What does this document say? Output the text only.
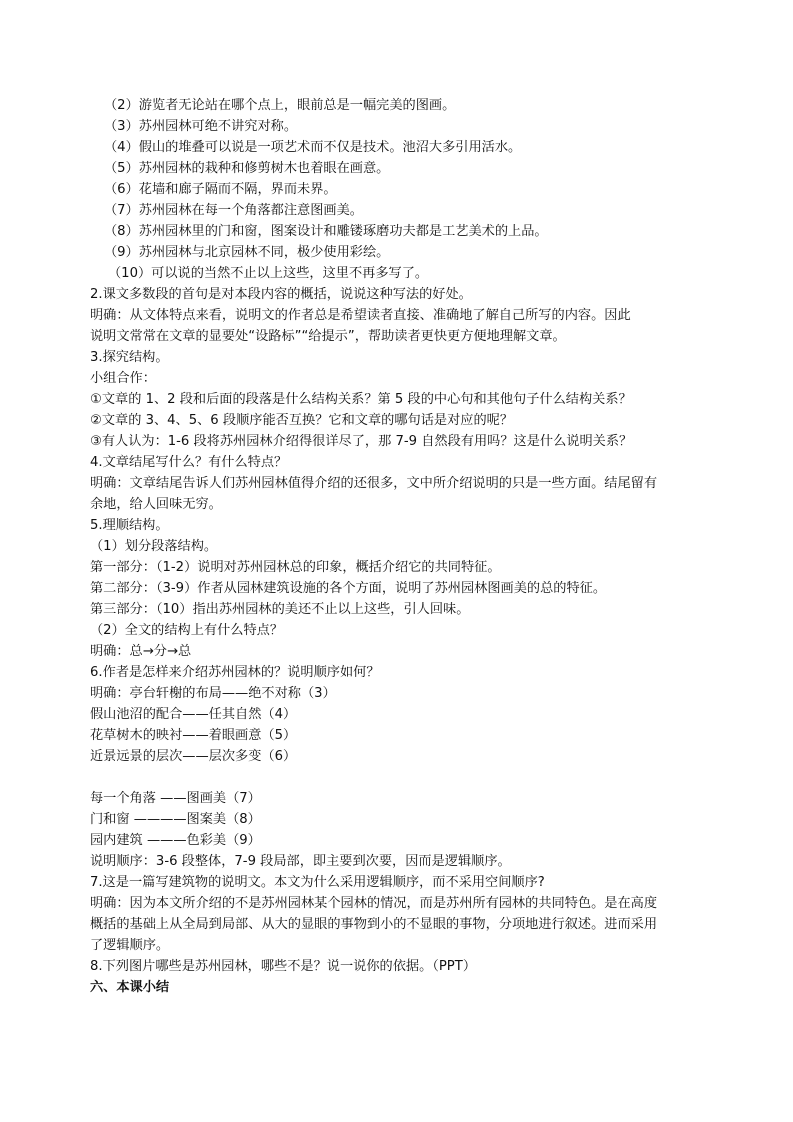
（2）游览者无论站在哪个点上，眼前总是一幅完美的图画。
（3）苏州园林可绝不讲究对称。
（4）假山的堆叠可以说是一项艺术而不仅是技术。池沼大多引用活水。
（5）苏州园林的栽种和修剪树木也着眼在画意。
（6）花墙和廊子隔而不隔，界而未界。
（7）苏州园林在每一个角落都注意图画美。
（8）苏州园林里的门和窗，图案设计和雕镂琢磨功夫都是工艺美术的上品。
（9）苏州园林与北京园林不同，极少使用彩绘。
（10）可以说的当然不止以上这些，这里不再多写了。
2.课文多数段的首句是对本段内容的概括，说说这种写法的好处。
明确：从文体特点来看，说明文的作者总是希望读者直接、准确地了解自己所写的内容。因此
说明文常常在文章的显要处“设路标”“给提示”，帮助读者更快更方便地理解文章。
3.探究结构。
小组合作：
①文章的 1、2 段和后面的段落是什么结构关系？第 5 段的中心句和其他句子什么结构关系？
②文章的 3、4、5、6 段顺序能否互换？它和文章的哪句话是对应的呢？
③有人认为：1-6 段将苏州园林介绍得很详尽了，那 7-9 自然段有用吗？这是什么说明关系？
4.文章结尾写什么？有什么特点？
明确：文章结尾告诉人们苏州园林值得介绍的还很多，文中所介绍说明的只是一些方面。结尾留有
余地，给人回味无穷。
5.理顺结构。
（1）划分段落结构。
第一部分：（1-2）说明对苏州园林总的印象，概括介绍它的共同特征。
第二部分：（3-9）作者从园林建筑设施的各个方面，说明了苏州园林图画美的总的特征。
第三部分：（10）指出苏州园林的美还不止以上这些，引人回味。
（2）全文的结构上有什么特点？
明确：总→分→总
6.作者是怎样来介绍苏州园林的？说明顺序如何？
明确：亭台轩榭的布局——绝不对称（3）
假山池沼的配合——任其自然（4）
花草树木的映衬——着眼画意（5）
近景远景的层次——层次多变（6）
每一个角落 ——图画美（7）
门和窗 ————图案美（8）
园内建筑 ———色彩美（9）
说明顺序：3-6 段整体，7-9 段局部，即主要到次要，因而是逻辑顺序。
7.这是一篇写建筑物的说明文。本文为什么采用逻辑顺序，而不采用空间顺序?
明确：因为本文所介绍的不是苏州园林某个园林的情况，而是苏州所有园林的共同特色。是在高度
概括的基础上从全局到局部、从大的显眼的事物到小的不显眼的事物，分项地进行叙述。进而采用
了逻辑顺序。
8.下列图片哪些是苏州园林，哪些不是？说一说你的依据。（PPT）
六、本课小结
